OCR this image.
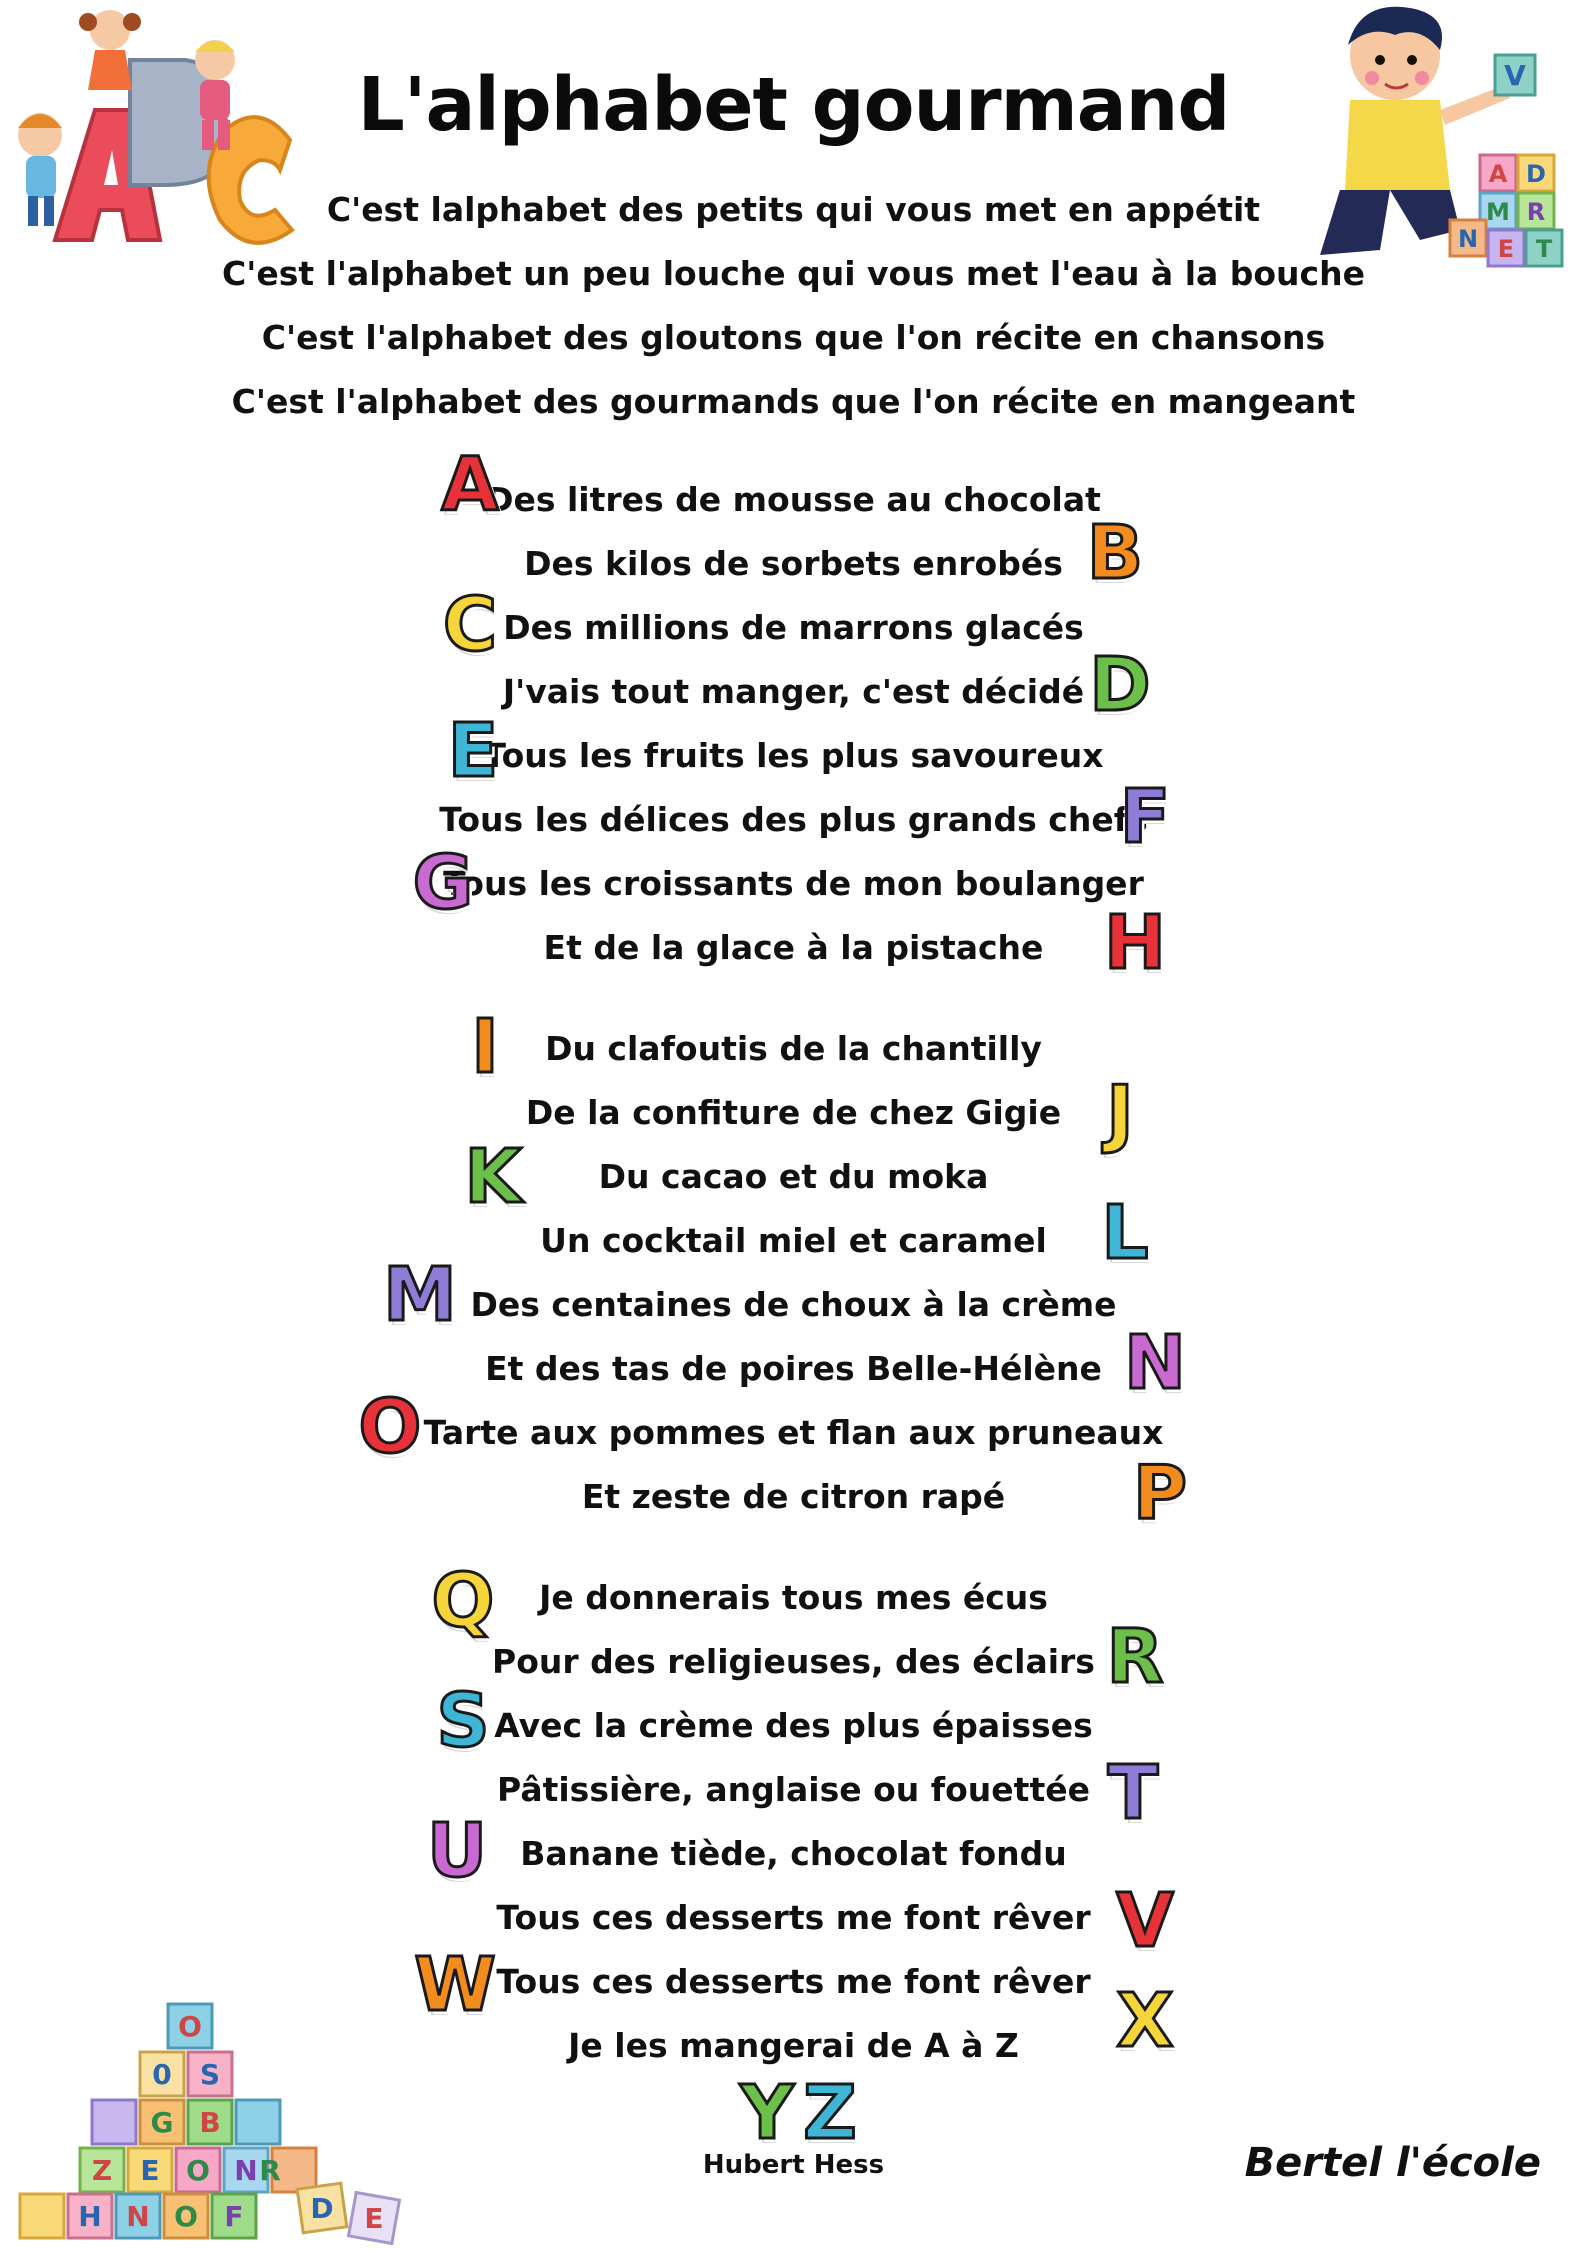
V
A D
M R
N E T
O
0 S
G B
Z E O N
H N O F D E
R
L'alphabet gourmand
C'est lalphabet des petits qui vous met en appétit
C'est l'alphabet un peu louche qui vous met l'eau à la bouche
C'est l'alphabet des gloutons que l'on récite en chansons
C'est l'alphabet des gourmands que l'on récite en mangeant
Des litres de mousse au chocolat
Des kilos de sorbets enrobés
Des millions de marrons glacés
J'vais tout manger, c'est décidé
Tous les fruits les plus savoureux
Tous les délices des plus grands chefs
Tous les croissants de mon boulanger
Et de la glace à la pistache
Du clafoutis de la chantilly
De la confiture de chez Gigie
Du cacao et du moka
Un cocktail miel et caramel
Des centaines de choux à la crème
Et des tas de poires Belle-Hélène
Tarte aux pommes et flan aux pruneaux
Et zeste de citron rapé
Je donnerais tous mes écus
Pour des religieuses, des éclairs
Avec la crème des plus épaisses
Pâtissière, anglaise ou fouettée
Banane tiède, chocolat fondu
Tous ces desserts me font rêver
Tous ces desserts me font rêver
Je les mangerai de A à Z
A
B
C
D
E
F
G
H
I
J
K
L
M
N
O
P
Q
R
S
T
U
V
W	X
Y Z
Hubert Hess	Bertel l'école
